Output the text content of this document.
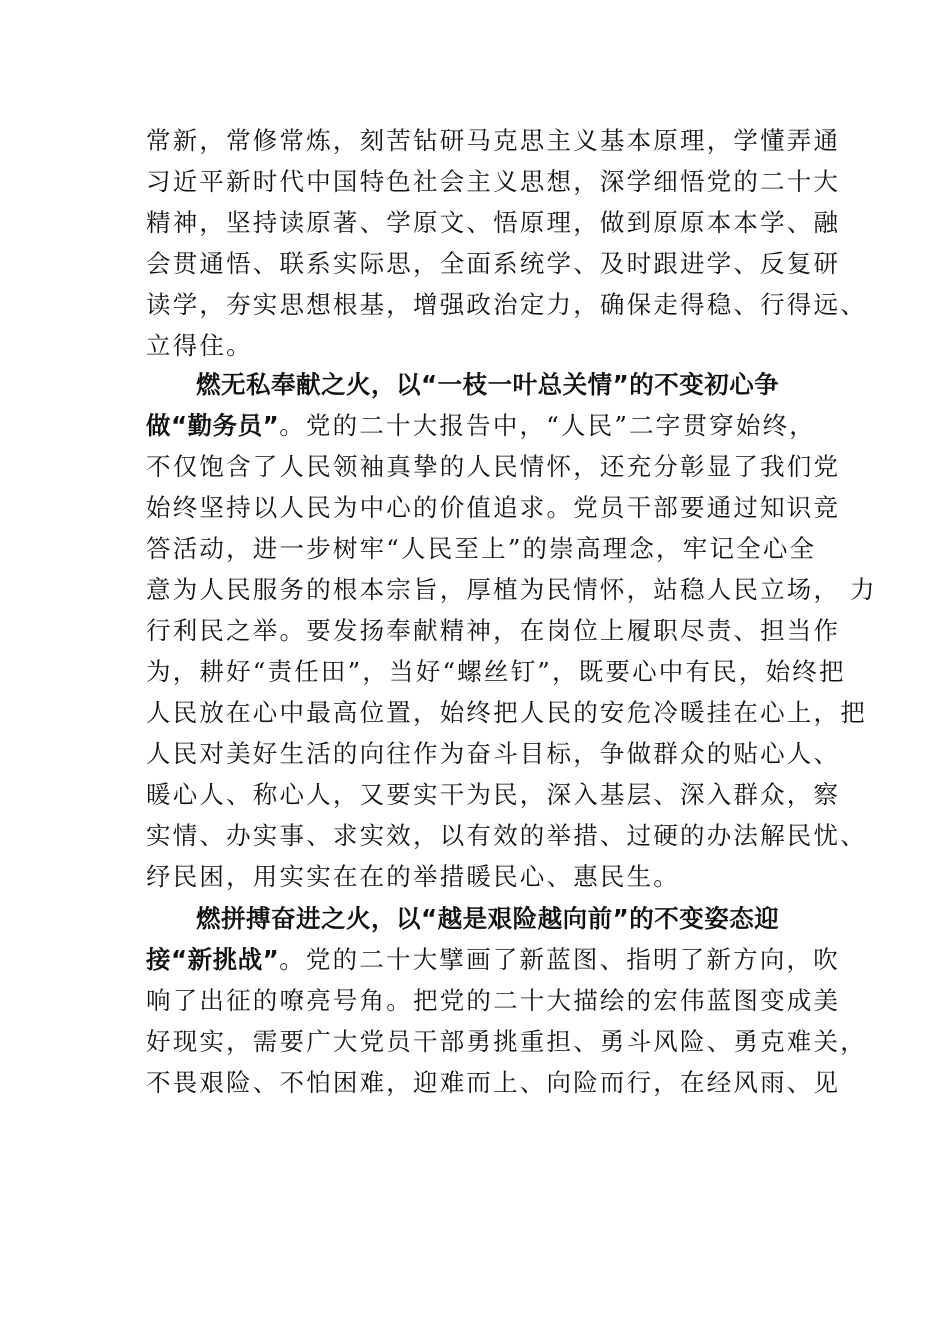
常新，常修常炼，刻苦钻研马克思主义基本原理，学懂弄通
习近平新时代中国特色社会主义思想，深学细悟党的二十大
精神，坚持读原著、学原文、悟原理，做到原原本本学、融
会贯通悟、联系实际思，全面系统学、及时跟进学、反复研
读学，夯实思想根基，增强政治定力，确保走得稳、行得远、
立得住。
燃无私奉献之火，以“一枝一叶总关情”的不变初心争
做“勤务员”。党的二十大报告中，“人民”二字贯穿始终，
不仅饱含了人民领袖真挚的人民情怀，还充分彰显了我们党
始终坚持以人民为中心的价值追求。党员干部要通过知识竞
答活动，进一步树牢“人民至上”的崇高理念，牢记全心全
意为人民服务的根本宗旨，⁠厚植为民情怀，站稳人民立场， 力
行利民之举。要发扬奉献精神，在岗位上履职尽责、担当作
为，耕好“责任田”，当好“螺丝钉”，既要心中有民，始终把
人民放在心中最高位置，始终把人民的安危冷暖挂在心上，把
人民对美好生活的向往作为奋斗目标，争做群众的贴心人、
暖心人、称心人，又要实干为民，深入基层、深入群众，察
实情、办实事、求实效，以有效的举措、过硬的办法解民忧、
纾民困，用实实在在的举措暖民心、惠民生。
燃拼搏奋进之火，以“越是艰险越向前”的不变姿态迎
接“新挑战”。党的二十大擘画了新蓝图、指明了新方向，吹
响了出征的嘹亮号角。把党的二十大描绘的宏伟蓝图变成美
好现实，需要广大党员干部勇挑重担、勇斗风险、勇克难关，
不畏艰险、不怕困难，迎难而上、向险而行，在经风雨、见
